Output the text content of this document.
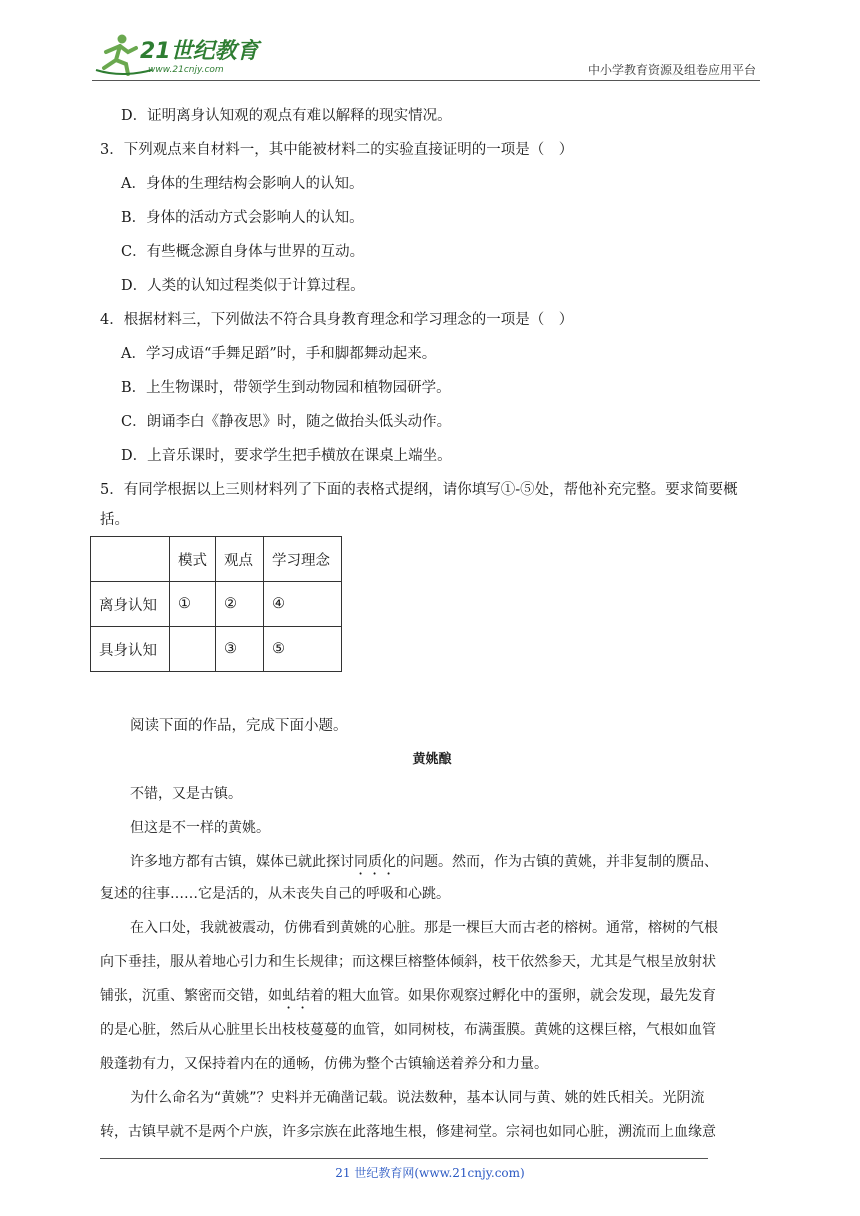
21世纪教育
www.21cnjy.com	中小学教育资源及组卷应用平台
D．证明离身认知观的观点有难以解释的现实情况。
3．下列观点来自材料一，其中能被材料二的实验直接证明的一项是（　）
A．身体的生理结构会影响人的认知。
B．身体的活动方式会影响人的认知。
C．有些概念源自身体与世界的互动。
D．人类的认知过程类似于计算过程。
4．根据材料三，下列做法不符合具身教育理念和学习理念的一项是（　）
A．学习成语“手舞足蹈”时，手和脚都舞动起来。
B．上生物课时，带领学生到动物园和植物园研学。
C．朗诵李白《静夜思》时，随之做抬头低头动作。
D．上音乐课时，要求学生把手横放在课桌上端坐。
5．有同学根据以上三则材料列了下面的表格式提纲，请你填写①-⑤处，帮他补充完整。要求简要概
括。
	模式	观点	学习理念
离身认知	①	②	④
具身认知		③	⑤
阅读下面的作品，完成下面小题。
黄姚酿
不错，又是古镇。
但这是不一样的黄姚。
许多地方都有古镇，媒体已就此探讨同质化的问题。然而，作为古镇的黄姚，并非复制的赝品、
复述的往事……它是活的，从未丧失自己的呼吸和心跳。
在入口处，我就被震动，仿佛看到黄姚的心脏。那是一棵巨大而古老的榕树。通常，榕树的气根
向下垂挂，服从着地心引力和生长规律；而这棵巨榕整体倾斜，枝干依然参天，尤其是气根呈放射状
铺张，沉重、繁密而交错，如虬结着的粗大血管。如果你观察过孵化中的蛋卵，就会发现，最先发育
的是心脏，然后从心脏里长出枝枝蔓蔓的血管，如同树枝，布满蛋膜。黄姚的这棵巨榕，气根如血管
般蓬勃有力，又保持着内在的通畅，仿佛为整个古镇输送着养分和力量。
为什么命名为“黄姚”？史料并无确凿记载。说法数种，基本认同与黄、姚的姓氏相关。光阴流
转，古镇早就不是两个户族，许多宗族在此落地生根，修建祠堂。宗祠也如同心脏，溯流而上血缘意
21 世纪教育网(www.21cnjy.com)
